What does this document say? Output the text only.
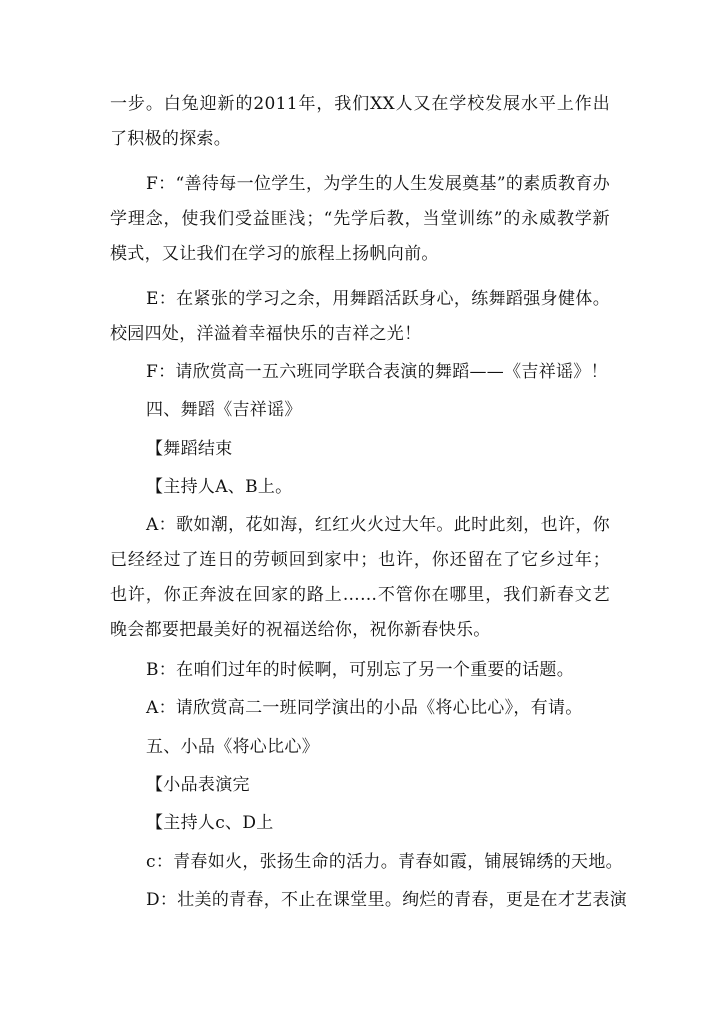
一步。白兔迎新的2011年，我们XX人又在学校发展水平上作出了积极的探索。

F：“善待每一位学生，为学生的人生发展奠基”的素质教育办学理念，使我们受益匪浅；“先学后教，当堂训练”的永威教学新模式，又让我们在学习的旅程上扬帆向前。

E：在紧张的学习之余，用舞蹈活跃身心，练舞蹈强身健体。校园四处，洋溢着幸福快乐的吉祥之光！

F：请欣赏高一五六班同学联合表演的舞蹈——《吉祥谣》！

四、舞蹈《吉祥谣》

【舞蹈结束

【主持人A、B上。

A：歌如潮，花如海，红红火火过大年。此时此刻，也许，你已经经过了连日的劳顿回到家中；也许，你还留在了它乡过年；也许，你正奔波在回家的路上……不管你在哪里，我们新春文艺晚会都要把最美好的祝福送给你，祝你新春快乐。

B：在咱们过年的时候啊，可别忘了另一个重要的话题。

A：请欣赏高二一班同学演出的小品《将心比心》，有请。

五、小品《将心比心》

【小品表演完

【主持人c、D上

c：青春如火，张扬生命的活力。青春如霞，铺展锦绣的天地。

D：壮美的青春，不止在课堂里。绚烂的青春，更是在才艺表演
